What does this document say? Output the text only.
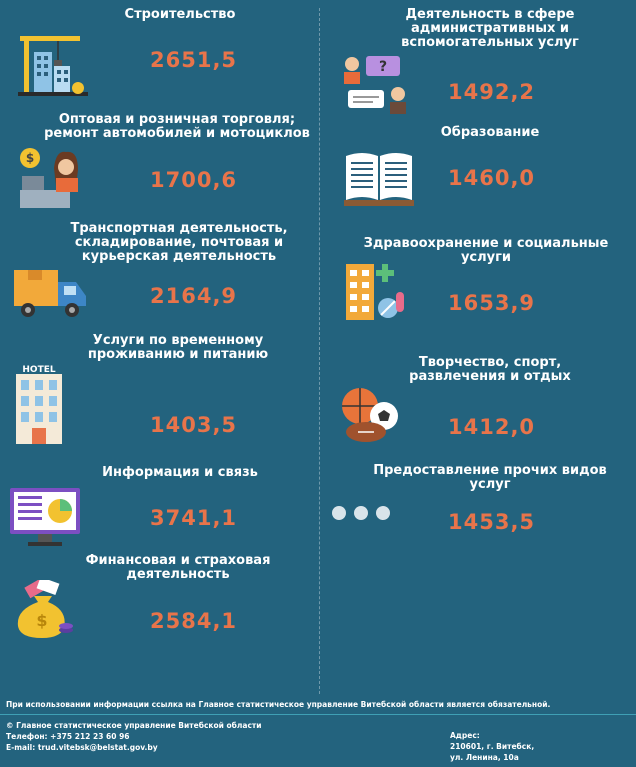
Строительство
2651,5
Оптовая и розничная торговля; ремонт автомобилей и мотоциклов
$
1700,6
Транспортная деятельность, складирование, почтовая и курьерская деятельность
2164,9
Услуги по временному проживанию и питанию
HOTEL
1403,5
Информация и связь
3741,1
Финансовая и страховая деятельность
$	2584,1
Деятельность в сфере административных и вспомогательных услуг
?
1492,2
Образование
1460,0
Здравоохранение и социальные услуги
1653,9
Творчество, спорт, развлечения и отдых
1412,0
Предоставление прочих видов услуг
1453,5
При использовании информации ссылка на Главное статистическое управление Витебской области является обязательной.
© Главное статистическое управление Витебской области
Телефон: +375 212 23 60 96
E-mail: trud.vitebsk@belstat.gov.by
Адрес:
210601, г. Витебск,
ул. Ленина, 10а
